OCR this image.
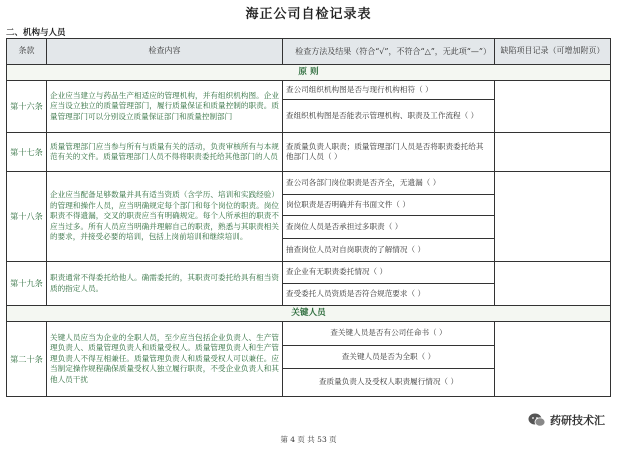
海正公司自检记录表
二、机构与人员
条款	检查内容	检查方法及结果（符合“√”，不符合“△”，无此项“—”）	缺陷项目记录（可增加附页）
原 则			
第十六条	企业应当建立与药品生产相适应的管理机构，并有组织机构图。企业应当设立独立的质量管理部门，履行质量保证和质量控制的职责。质量管理部门可以分别设立质量保证部门和质量控制部门	查公司组织机构图是否与现行机构相符（ ）	
		查组织机构图是否能表示管理机构、职责及工作流程（ ）	
第十七条	质量管理部门应当参与所有与质量有关的活动，负责审核所有与本规范有关的文件。质量管理部门人员不得将职责委托给其他部门的人员	查质量负责人职责；质量管理部门人员是否将职责委托给其他部门人员（ ）	
第十八条	企业应当配备足够数量并具有适当资质（含学历、培训和实践经验）的管理和操作人员，应当明确规定每个部门和每个岗位的职责。岗位职责不得遗漏，交叉的职责应当有明确规定。每个人所承担的职责不应当过多。所有人员应当明确并理解自己的职责，熟悉与其职责相关的要求，并接受必要的培训，包括上岗前培训和继续培训。	查公司各部门岗位职责是否齐全，无遗漏（ ）	
		岗位职责是否明确并有书面文件（ ）	
		查岗位人员是否承担过多职责（ ）	
		抽查岗位人员对自岗职责的了解情况（ ）	
第十九条	职责通常不得委托给他人。确需委托的，其职责可委托给具有相当资质的指定人员。	查企业有无职责委托情况（ ）	
		查受委托人员资质是否符合规范要求（ ）	
关键人员			
第二十条	关键人员应当为企业的全职人员，至少应当包括企业负责人、生产管理负责人、质量管理负责人和质量受权人。质量管理负责人和生产管理负责人不得互相兼任。质量管理负责人和质量受权人可以兼任。应当制定操作规程确保质量受权人独立履行职责，不受企业负责人和其他人员干扰	查关键人员是否有公司任命书（ ）	
		查关键人员是否为全职（ ）	
		查质量负责人及受权人职责履行情况（ ）	
第 4 页 共 53 页
药研技术汇
